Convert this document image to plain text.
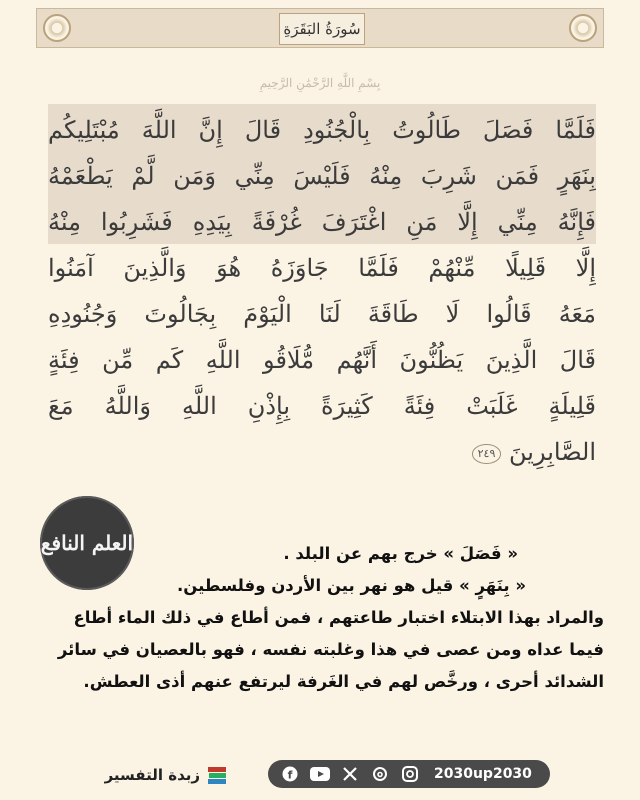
سُورَةُ البَقَرَةِ
بِسْمِ اللَّهِ الرَّحْمَٰنِ الرَّحِيمِ
فَلَمَّا فَصَلَ طَالُوتُ بِالْجُنُودِ قَالَ إِنَّ اللَّهَ مُبْتَلِيكُم
بِنَهَرٍ فَمَن شَرِبَ مِنْهُ فَلَيْسَ مِنِّي وَمَن لَّمْ يَطْعَمْهُ
فَإِنَّهُ مِنِّي إِلَّا مَنِ اغْتَرَفَ غُرْفَةً بِيَدِهِ فَشَرِبُوا مِنْهُ
إِلَّا قَلِيلًا مِّنْهُمْ فَلَمَّا جَاوَزَهُ هُوَ وَالَّذِينَ آمَنُوا
مَعَهُ قَالُوا لَا طَاقَةَ لَنَا الْيَوْمَ بِجَالُوتَ وَجُنُودِهِ
قَالَ الَّذِينَ يَظُنُّونَ أَنَّهُم مُّلَاقُو اللَّهِ كَم مِّن فِئَةٍ
قَلِيلَةٍ غَلَبَتْ فِئَةً كَثِيرَةً بِإِذْنِ اللَّهِ وَاللَّهُ مَعَ
الصَّابِرِينَ ٢٤٩
العلم النافع	« فَصَلَ » خرج بهم عن البلد .
« بِنَهَرٍ » قيل هو نهر بين الأردن وفلسطين.
والمراد بهذا الابتلاء اختبار طاعتهم ، فمن أطاع في ذلك الماء أطاع
فيما عداه ومن عصى في هذا وغلبته نفسه ، فهو بالعصيان في سائر
الشدائد أحرى ، ورخَّص لهم في الغَرفة ليرتفع عنهم أذى العطش.
زبدة التفسير	f	2030up2030
